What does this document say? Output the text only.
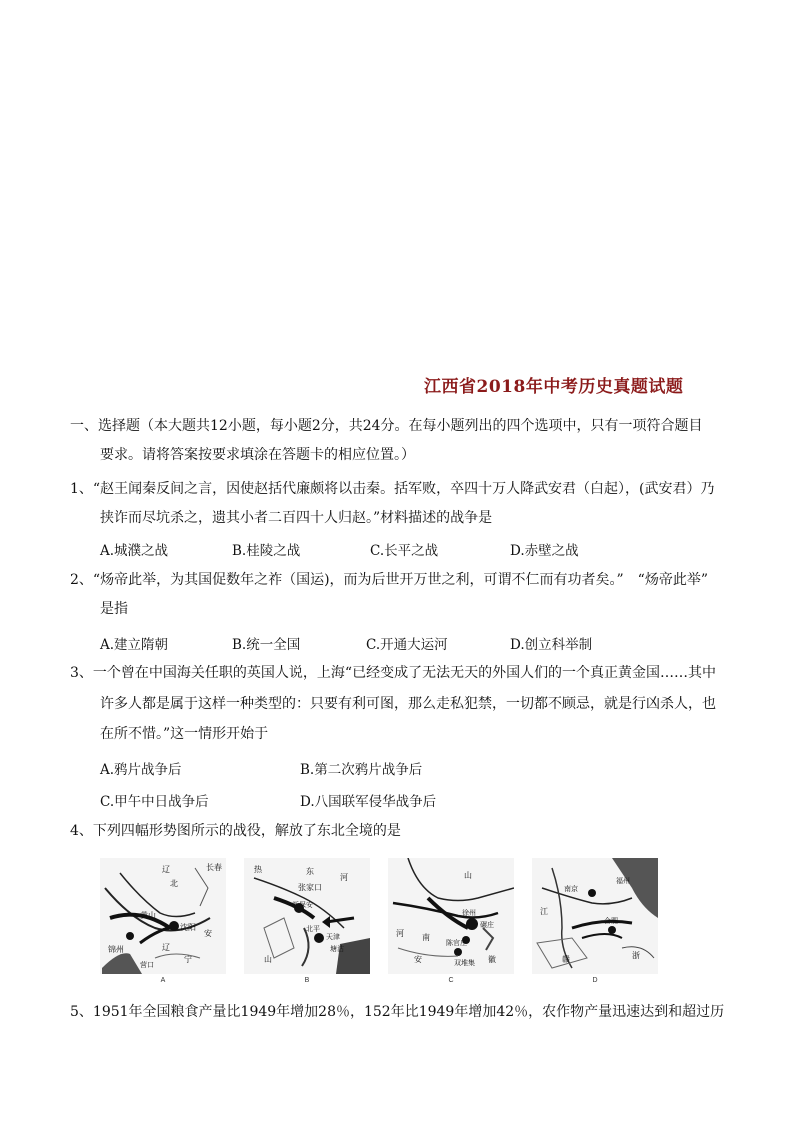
江西省2018年中考历史真题试题
一、选择题（本大题共12小题，每小题2分，共24分。在每小题列出的四个选项中，只有一项符合题目
要求。请将答案按要求填涂在答题卡的相应位置。）
1、“赵王闻秦反间之言，因使赵括代廉颇将以击秦。括军败，卒四十万人降武安君（白起），(武安君）乃
挟诈而尽坑杀之，遗其小者二百四十人归赵。”材料描述的战争是
A.城濮之战	B.桂陵之战	C.长平之战	D.赤壁之战
2、“炀帝此举，为其国促数年之祚（国运)，而为后世开万世之利，可谓不仁而有功者矣。”　“炀帝此举”
是指
A.建立隋朝	B.统一全国	C.开通大运河	D.创立科举制
3、一个曾在中国海关任职的英国人说，上海“已经变成了无法无天的外国人们的一个真正黄金国……其中
许多人都是属于这样一种类型的：只要有利可图，那么走私犯禁，一切都不顾忌，就是行凶杀人，也
在所不惜。”这一情形开始于
A.鸦片战争后	B.第二次鸦片战争后
C.甲午中日战争后	D.八国联军侵华战争后
4、下列四幅形势图所示的战役，解放了东北全境的是
辽	长春
沈阳
锦州
黄山
北
安
辽
营口
宁
A
张家口
新保安
北平
天津
塘沽
河
山
东
热
B
徐州
碾庄
双堆集
陈官庄
河 南
安	徽
山
C
福州
南京
合肥
江
浙
赣
D
5、1951年全国粮食产量比1949年增加28％，152年比1949年增加42％，农作物产量迅速达到和超过历
